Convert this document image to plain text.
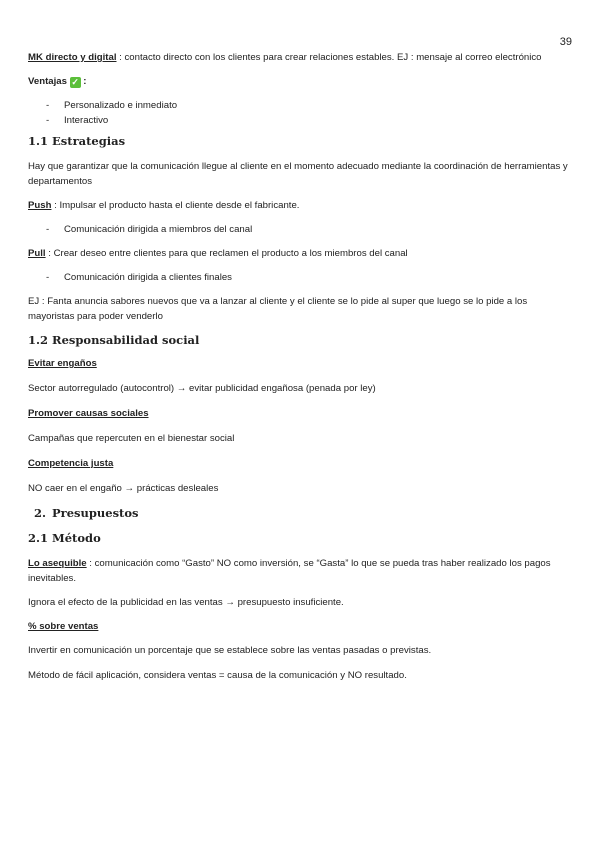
39

MK directo y digital : contacto directo con los clientes para crear relaciones estables. EJ : mensaje al correo electrónico

Ventajas ✓ :

- Personalizado e inmediato
- Interactivo

1.1 Estrategias

Hay que garantizar que la comunicación llegue al cliente en el momento adecuado mediante la coordinación de herramientas y departamentos

Push : Impulsar el producto hasta el cliente desde el fabricante.

- Comunicación dirigida a miembros del canal

Pull : Crear deseo entre clientes para que reclamen el producto a los miembros del canal

- Comunicación dirigida a clientes finales

EJ : Fanta anuncia sabores nuevos que va a lanzar al cliente y el cliente se lo pide al super que luego se lo pide a los mayoristas para poder venderlo

1.2 Responsabilidad social

Evitar engaños

Sector autorregulado (autocontrol) → evitar publicidad engañosa (penada por ley)

Promover causas sociales

Campañas que repercuten en el bienestar social

Competencia justa

NO caer en el engaño → prácticas desleales

2. Presupuestos

2.1 Método

Lo asequible : comunicación como “Gasto” NO como inversión, se “Gasta” lo que se pueda tras haber realizado los pagos inevitables.

Ignora el efecto de la publicidad en las ventas → presupuesto insuficiente.

% sobre ventas

Invertir en comunicación un porcentaje que se establece sobre las ventas pasadas o previstas.

Método de fácil aplicación, considera ventas = causa de la comunicación y NO resultado.
